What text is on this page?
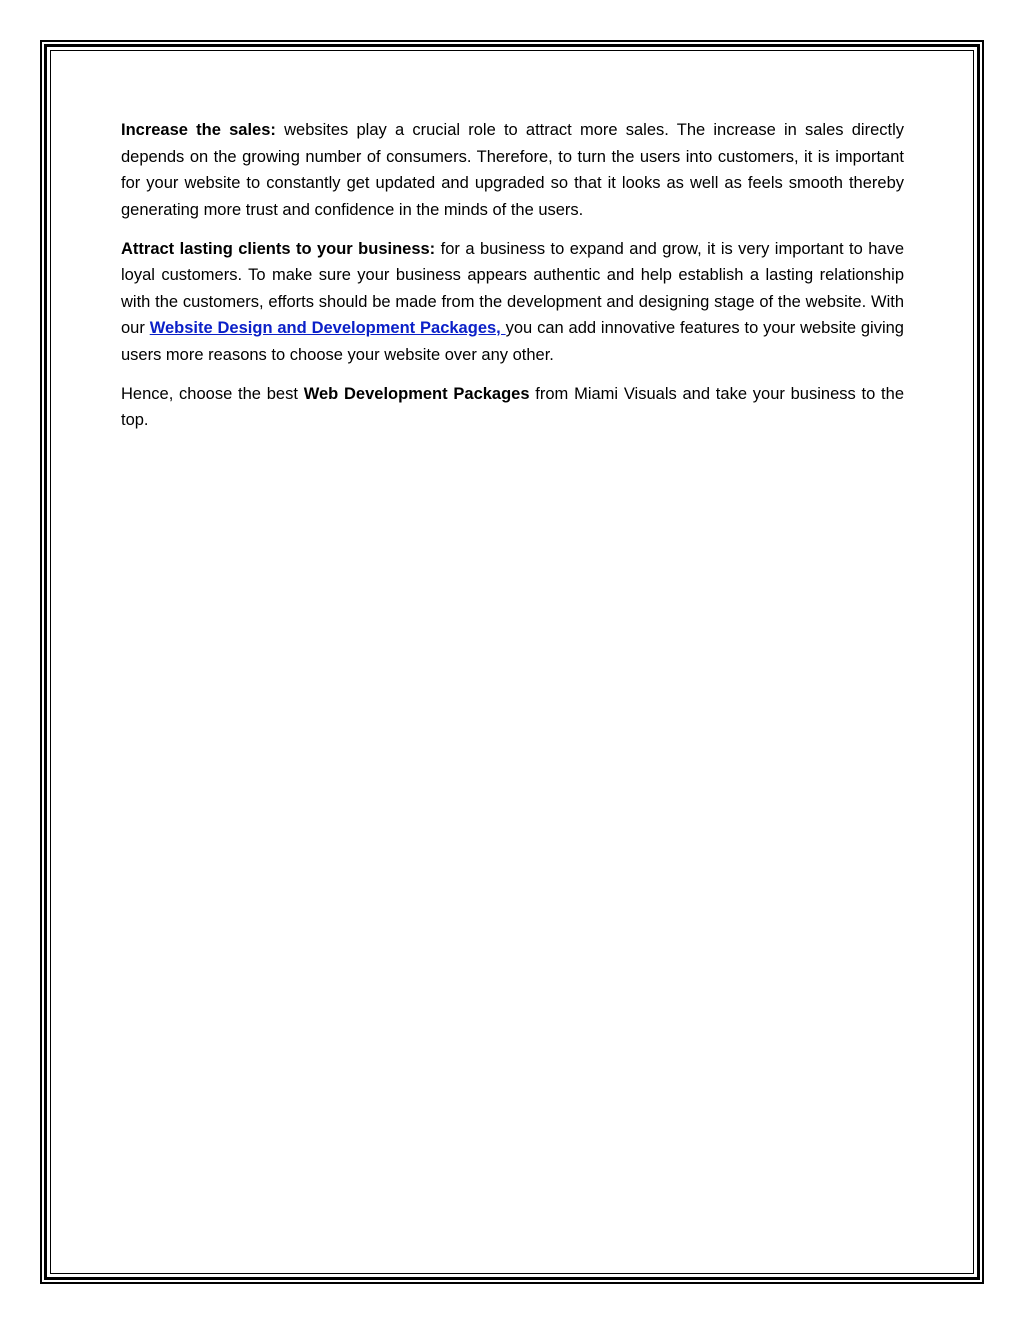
Increase the sales: websites play a crucial role to attract more sales. The increase in sales directly depends on the growing number of consumers. Therefore, to turn the users into customers, it is important for your website to constantly get updated and upgraded so that it looks as well as feels smooth thereby generating more trust and confidence in the minds of the users.

Attract lasting clients to your business: for a business to expand and grow, it is very important to have loyal customers. To make sure your business appears authentic and help establish a lasting relationship with the customers, efforts should be made from the development and designing stage of the website. With our Website Design and Development Packages, you can add innovative features to your website giving users more reasons to choose your website over any other.

Hence, choose the best Web Development Packages from Miami Visuals and take your business to the top.
